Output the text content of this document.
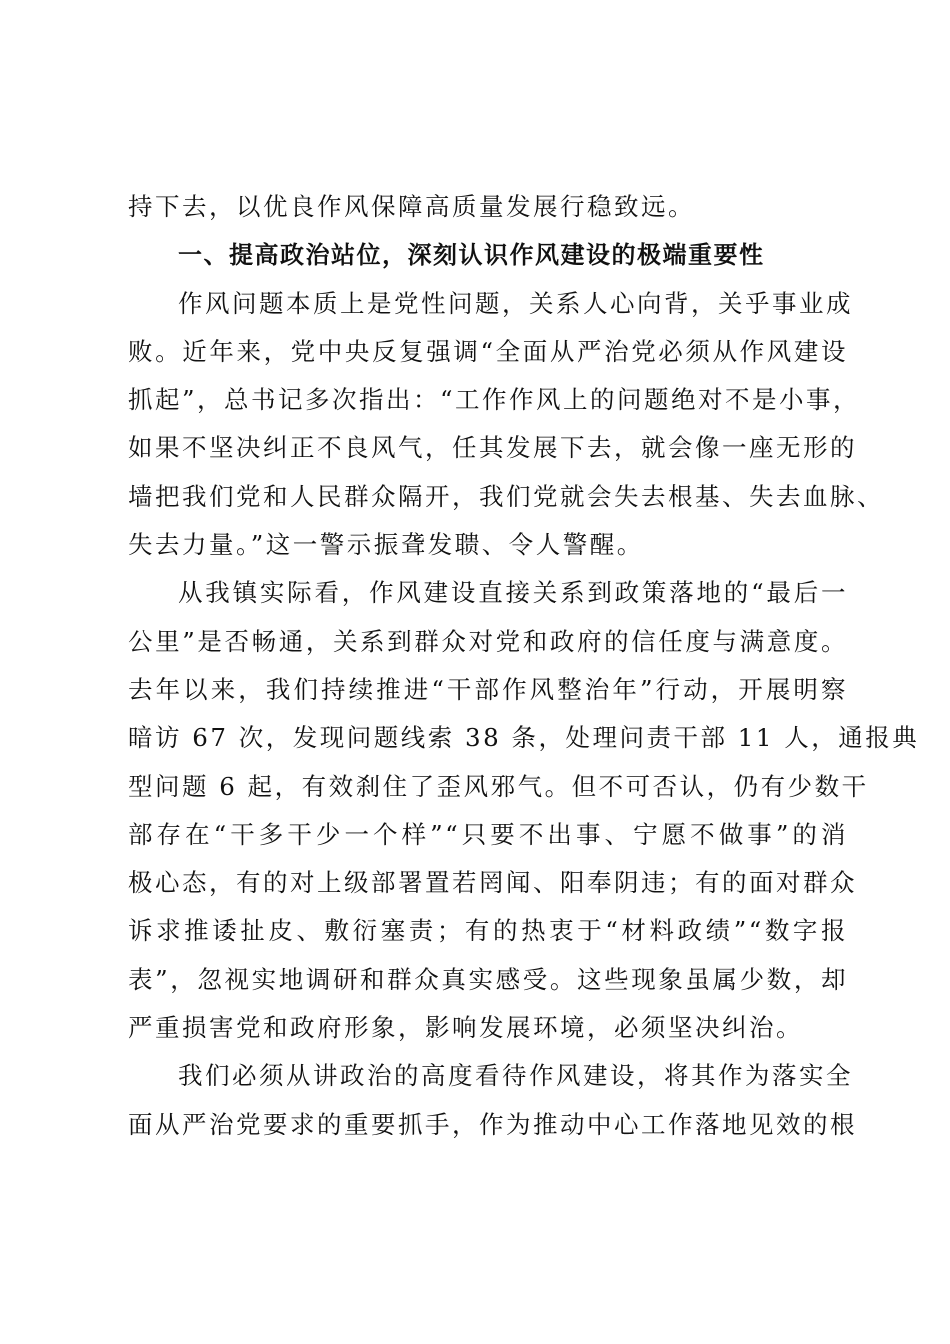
持下去，以优良作风保障高质量发展行稳致远。
一、提高政治站位，深刻认识作风建设的极端重要性
作风问题本质上是党性问题，关系人心向背，关乎事业成
败。近年来，党中央反复强调“全面从严治党必须从作风建设
抓起”，总书记多次指出：“工作作风上的问题绝对不是小事，
如果不坚决纠正不良风气，任其发展下去，就会像一座无形的
墙把我们党和人民群众隔开，我们党就会失去根基、失去血脉、
失去力量。”这一警示振聋发聩、令人警醒。
从我镇实际看，作风建设直接关系到政策落地的“最后一
公里”是否畅通，关系到群众对党和政府的信任度与满意度。
去年以来，我们持续推进“干部作风整治年”行动，开展明察
暗访 67 次，发现问题线索 38 条，处理问责干部 11 人，通报典
型问题 6 起，有效刹住了歪风邪气。但不可否认，仍有少数干
部存在“干多干少一个样”“只要不出事、宁愿不做事”的消
极心态，有的对上级部署置若罔闻、阳奉阴违；有的面对群众
诉求推诿扯皮、敷衍塞责；有的热衷于“材料政绩”“数字报
表”，忽视实地调研和群众真实感受。这些现象虽属少数，却
严重损害党和政府形象，影响发展环境，必须坚决纠治。
我们必须从讲政治的高度看待作风建设，将其作为落实全
面从严治党要求的重要抓手，作为推动中心工作落地见效的根
